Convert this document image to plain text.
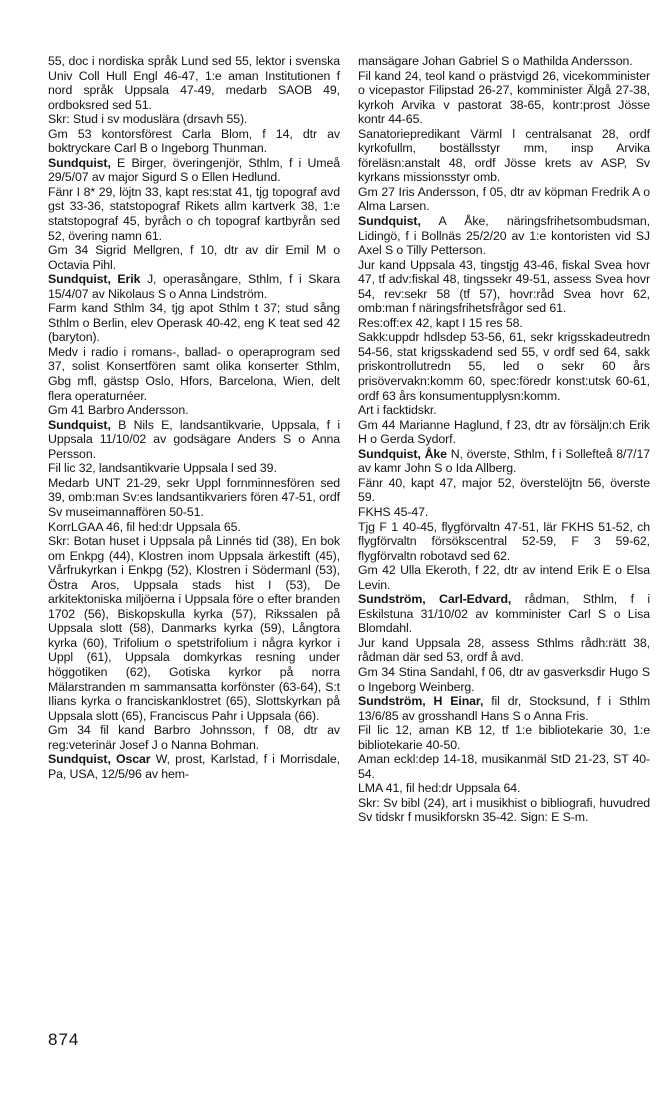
55, doc i nordiska språk Lund sed 55, lektor i svenska Univ Coll Hull Engl 46-47, 1:e aman Institutionen f nord språk Uppsala 47-49, medarb SAOB 49, ordboksred sed 51.

Skr: Stud i sv moduslära (drsavh 55).

Gm 53 kontorsförest Carla Blom, f 14, dtr av boktryckare Carl B o Ingeborg Thunman.

Sundquist, E Birger, överingenjör, Sthlm, f i Umeå 29/5/07 av major Sigurd S o Ellen Hedlund.

Fänr I 8* 29, löjtn 33, kapt res:stat 41, tjg topograf avd gst 33-36, statstopograf Rikets allm kartverk 38, 1:e statstopograf 45, byråch o ch topograf kartbyrån sed 52, övering namn 61.

Gm 34 Sigrid Mellgren, f 10, dtr av dir Emil M o Octavia Pihl.

Sundquist, Erik J, operasångare, Sthlm, f i Skara 15/4/07 av Nikolaus S o Anna Lindström.

Farm kand Sthlm 34, tjg apot Sthlm t 37; stud sång Sthlm o Berlin, elev Operask 40-42, eng K teat sed 42 (baryton).

Medv i radio i romans-, ballad- o operaprogram sed 37, solist Konsertfören samt olika konserter Sthlm, Gbg mfl, gästsp Oslo, Hfors, Barcelona, Wien, delt flera operaturnéer.

Gm 41 Barbro Andersson.

Sundquist, B Nils E, landsantikvarie, Uppsala, f i Uppsala 11/10/02 av godsägare Anders S o Anna Persson.

Fil lic 32, landsantikvarie Uppsala l sed 39.

Medarb UNT 21-29, sekr Uppl fornminnesfören sed 39, omb:man Sv:es landsantikvariers fören 47-51, ordf Sv museimannaffören 50-51.

KorrLGAA 46, fil hed:dr Uppsala 65.

Skr: Botan huset i Uppsala på Linnés tid (38), En bok om Enkpg (44), Klostren inom Uppsala ärkestift (45), Vårfrukyrkan i Enkpg (52), Klostren i Södermanl (53), Östra Aros, Uppsala stads hist I (53), De arkitektoniska miljöerna i Uppsala före o efter branden 1702 (56), Biskopskulla kyrka (57), Rikssalen på Uppsala slott (58), Danmarks kyrka (59), Långtora kyrka (60), Trifolium o spetstrifolium i några kyrkor i Uppl (61), Uppsala domkyrkas resning under höggotiken (62), Gotiska kyrkor på norra Mälarstranden m sammansatta korfönster (63-64), S:t Ilians kyrka o franciskanklostret (65), Slottskyrkan på Uppsala slott (65), Franciscus Pahr i Uppsala (66).

Gm 34 fil kand Barbro Johnsson, f 08, dtr av reg:veterinär Josef J o Nanna Bohman.

Sundquist, Oscar W, prost, Karlstad, f i Morrisdale, Pa, USA, 12/5/96 av hem-

mansägare Johan Gabriel S o Mathilda Andersson.

Fil kand 24, teol kand o prästvigd 26, vicekomminister o vicepastor Filipstad 26-27, komminister Älgå 27-38, kyrkoh Arvika v pastorat 38-65, kontr:prost Jösse kontr 44-65.

Sanatoriepredikant Värml l centralsanat 28, ordf kyrkofullm, boställsstyr mm, insp Arvika föreläsn:anstalt 48, ordf Jösse krets av ASP, Sv kyrkans missionsstyr omb.

Gm 27 Iris Andersson, f 05, dtr av köpman Fredrik A o Alma Larsen.

Sundquist, A Åke, näringsfrihetsombudsman, Lidingö, f i Bollnäs 25/2/20 av 1:e kontoristen vid SJ Axel S o Tilly Petterson.

Jur kand Uppsala 43, tingstjg 43-46, fiskal Svea hovr 47, tf adv:fiskal 48, tingssekr 49-51, assess Svea hovr 54, rev:sekr 58 (tf 57), hovr:råd Svea hovr 62, omb:man f näringsfrihetsfrågor sed 61.

Res:off:ex 42, kapt I 15 res 58.

Sakk:uppdr hdlsdep 53-56, 61, sekr krigsskadeutredn 54-56, stat krigsskadend sed 55, v ordf sed 64, sakk priskontrollutredn 55, led o sekr 60 års prisövervakn:komm 60, spec:föredr konst:utsk 60-61, ordf 63 års konsumentupplysn:komm.

Art i facktidskr.

Gm 44 Marianne Haglund, f 23, dtr av försäljn:ch Erik H o Gerda Sydorf.

Sundquist, Åke N, överste, Sthlm, f i Sollefteå 8/7/17 av kamr John S o Ida Allberg.

Fänr 40, kapt 47, major 52, överstelöjtn 56, överste 59.

FKHS 45-47.

Tjg F 1 40-45, flygförvaltn 47-51, lär FKHS 51-52, ch flygförvaltn försökscentral 52-59, F 3 59-62, flygförvaltn robotavd sed 62.

Gm 42 Ulla Ekeroth, f 22, dtr av intend Erik E o Elsa Levin.

Sundström, Carl-Edvard, rådman, Sthlm, f i Eskilstuna 31/10/02 av komminister Carl S o Lisa Blomdahl.

Jur kand Uppsala 28, assess Sthlms rådh:rätt 38, rådman där sed 53, ordf å avd.

Gm 34 Stina Sandahl, f 06, dtr av gasverksdir Hugo S o Ingeborg Weinberg.

Sundström, H Einar, fil dr, Stocksund, f i Sthlm 13/6/85 av grosshandl Hans S o Anna Fris.

Fil lic 12, aman KB 12, tf 1:e bibliotekarie 30, 1:e bibliotekarie 40-50.

Aman eckl:dep 14-18, musikanmäl StD 21-23, ST 40-54.

LMA 41, fil hed:dr Uppsala 64.

Skr: Sv bibl (24), art i musikhist o bibliografi, huvudred Sv tidskr f musikforskn 35-42. Sign: E S-m.

874
